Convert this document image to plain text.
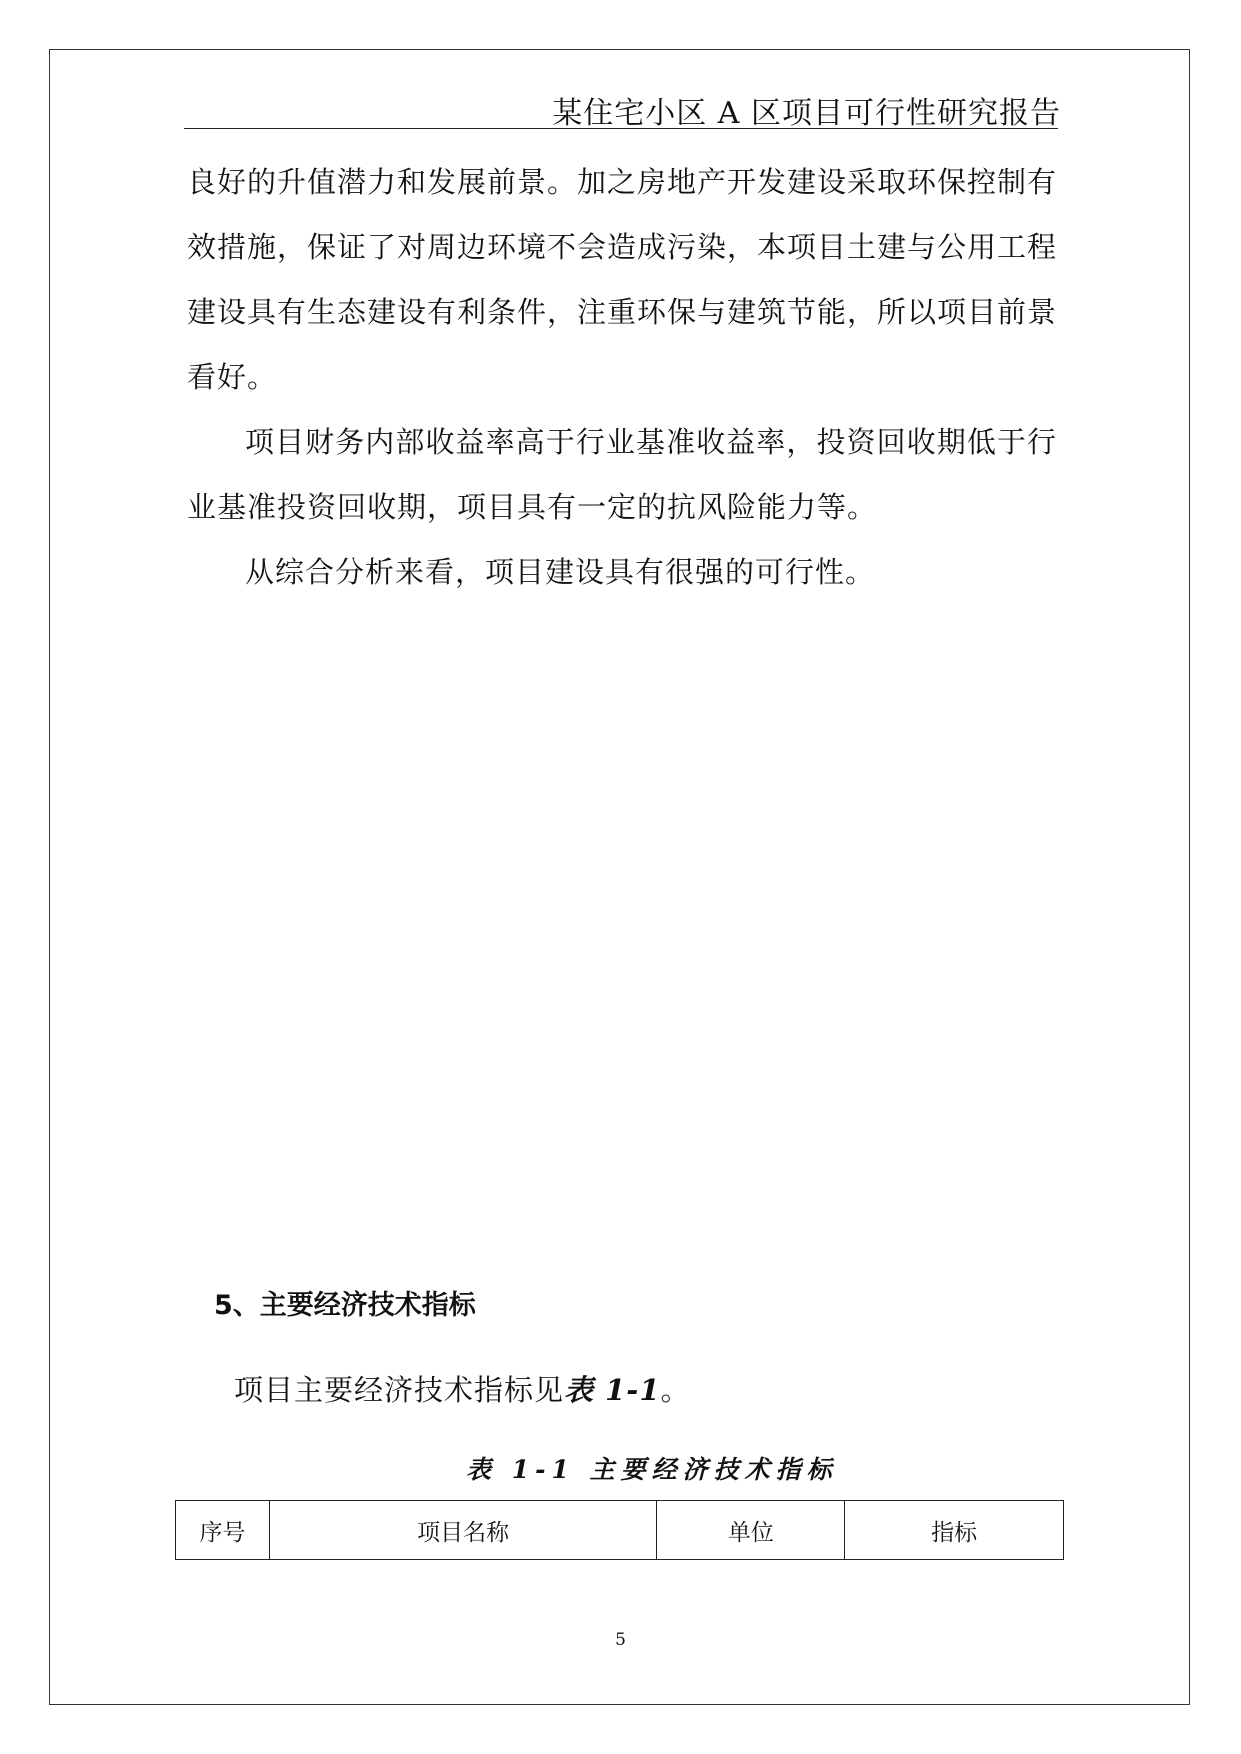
某住宅小区 A 区项目可行性研究报告

良好的升值潜力和发展前景。加之房地产开发建设采取环保控制有效措施，保证了对周边环境不会造成污染，本项目土建与公用工程建设具有生态建设有利条件，注重环保与建筑节能，所以项目前景看好。

项目财务内部收益率高于行业基准收益率，投资回收期低于行业基准投资回收期，项目具有一定的抗风险能力等。

从综合分析来看，项目建设具有很强的可行性。

5、主要经济技术指标
项目主要经济技术指标见表 1-1。
表 1-1 主要经济技术指标
序号	项目名称	单位	指标
5
